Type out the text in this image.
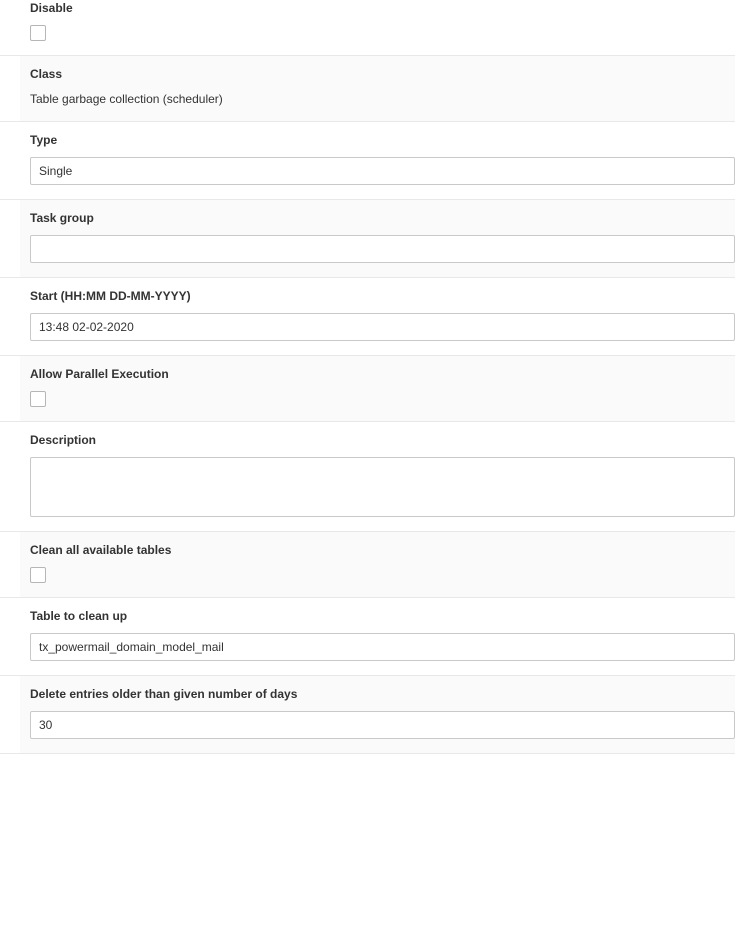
Disable
Class
Table garbage collection (scheduler)
Type
Single
Task group
Start (HH:MM DD-MM-YYYY)
13:48 02-02-2020
Allow Parallel Execution
Description
Clean all available tables
Table to clean up
tx_powermail_domain_model_mail
Delete entries older than given number of days
30
